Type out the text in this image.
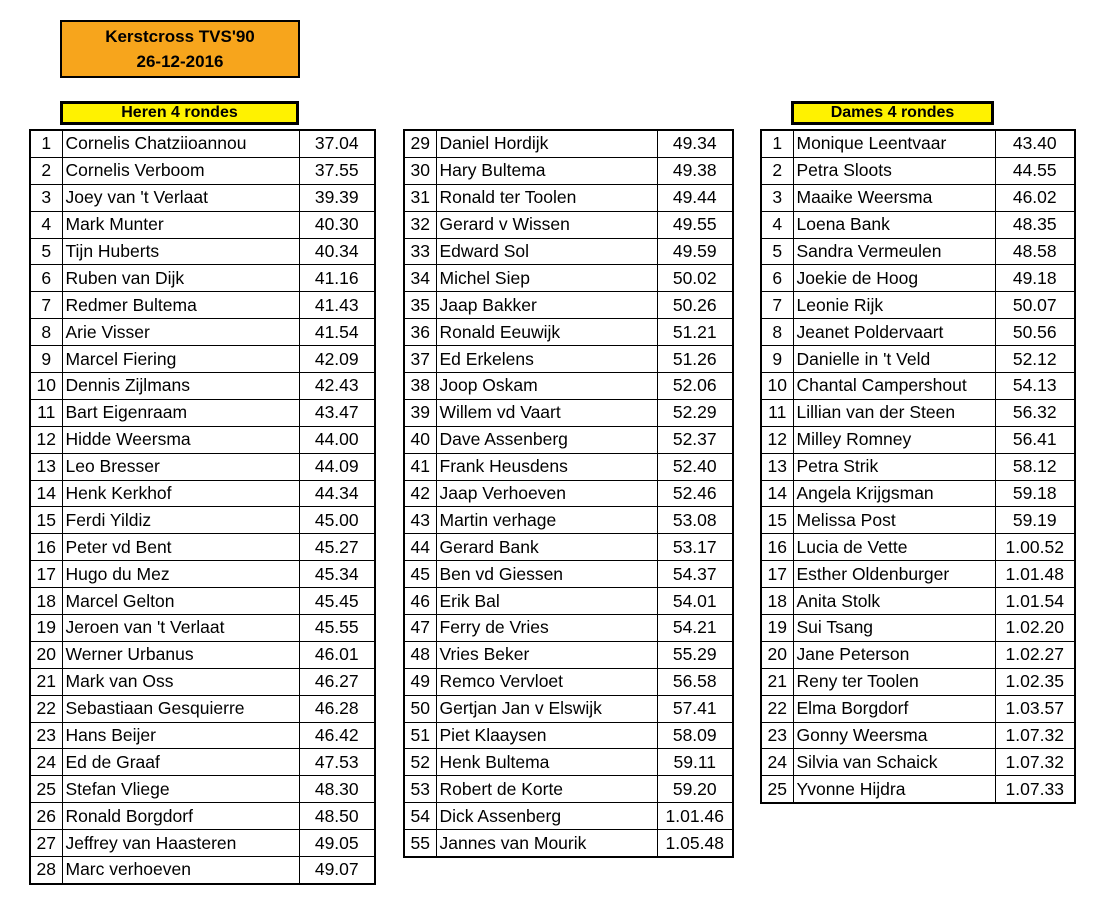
Kerstcross TVS'90
26-12-2016
Heren 4 rondes	Dames 4 rondes
1	Cornelis Chatziioannou	37.04
2	Cornelis Verboom	37.55
3	Joey van 't Verlaat	39.39
4	Mark Munter	40.30
5	Tijn Huberts	40.34
6	Ruben van Dijk	41.16
7	Redmer Bultema	41.43
8	Arie Visser	41.54
9	Marcel Fiering	42.09
10	Dennis Zijlmans	42.43
11	Bart Eigenraam	43.47
12	Hidde Weersma	44.00
13	Leo Bresser	44.09
14	Henk Kerkhof	44.34
15	Ferdi Yildiz	45.00
16	Peter vd Bent	45.27
17	Hugo du Mez	45.34
18	Marcel Gelton	45.45
19	Jeroen van 't Verlaat	45.55
20	Werner Urbanus	46.01
21	Mark van Oss	46.27
22	Sebastiaan Gesquierre	46.28
23	Hans Beijer	46.42
24	Ed de Graaf	47.53
25	Stefan Vliege	48.30
26	Ronald Borgdorf	48.50
27	Jeffrey van Haasteren	49.05
28	Marc verhoeven	49.07
29	Daniel Hordijk	49.34
30	Hary Bultema	49.38
31	Ronald ter Toolen	49.44
32	Gerard v Wissen	49.55
33	Edward Sol	49.59
34	Michel Siep	50.02
35	Jaap Bakker	50.26
36	Ronald Eeuwijk	51.21
37	Ed Erkelens	51.26
38	Joop Oskam	52.06
39	Willem vd Vaart	52.29
40	Dave Assenberg	52.37
41	Frank Heusdens	52.40
42	Jaap Verhoeven	52.46
43	Martin verhage	53.08
44	Gerard Bank	53.17
45	Ben vd Giessen	54.37
46	Erik Bal	54.01
47	Ferry de Vries	54.21
48	Vries Beker	55.29
49	Remco Vervloet	56.58
50	Gertjan Jan v Elswijk	57.41
51	Piet Klaaysen	58.09
52	Henk Bultema	59.11
53	Robert de Korte	59.20
54	Dick Assenberg	1.01.46
55	Jannes van Mourik	1.05.48
1	Monique Leentvaar	43.40
2	Petra Sloots	44.55
3	Maaike Weersma	46.02
4	Loena Bank	48.35
5	Sandra Vermeulen	48.58
6	Joekie de Hoog	49.18
7	Leonie Rijk	50.07
8	Jeanet Poldervaart	50.56
9	Danielle in 't Veld	52.12
10	Chantal Campershout	54.13
11	Lillian van der Steen	56.32
12	Milley Romney	56.41
13	Petra Strik	58.12
14	Angela Krijgsman	59.18
15	Melissa Post	59.19
16	Lucia de Vette	1.00.52
17	Esther Oldenburger	1.01.48
18	Anita Stolk	1.01.54
19	Sui Tsang	1.02.20
20	Jane Peterson	1.02.27
21	Reny ter Toolen	1.02.35
22	Elma Borgdorf	1.03.57
23	Gonny Weersma	1.07.32
24	Silvia van Schaick	1.07.32
25	Yvonne Hijdra	1.07.33
